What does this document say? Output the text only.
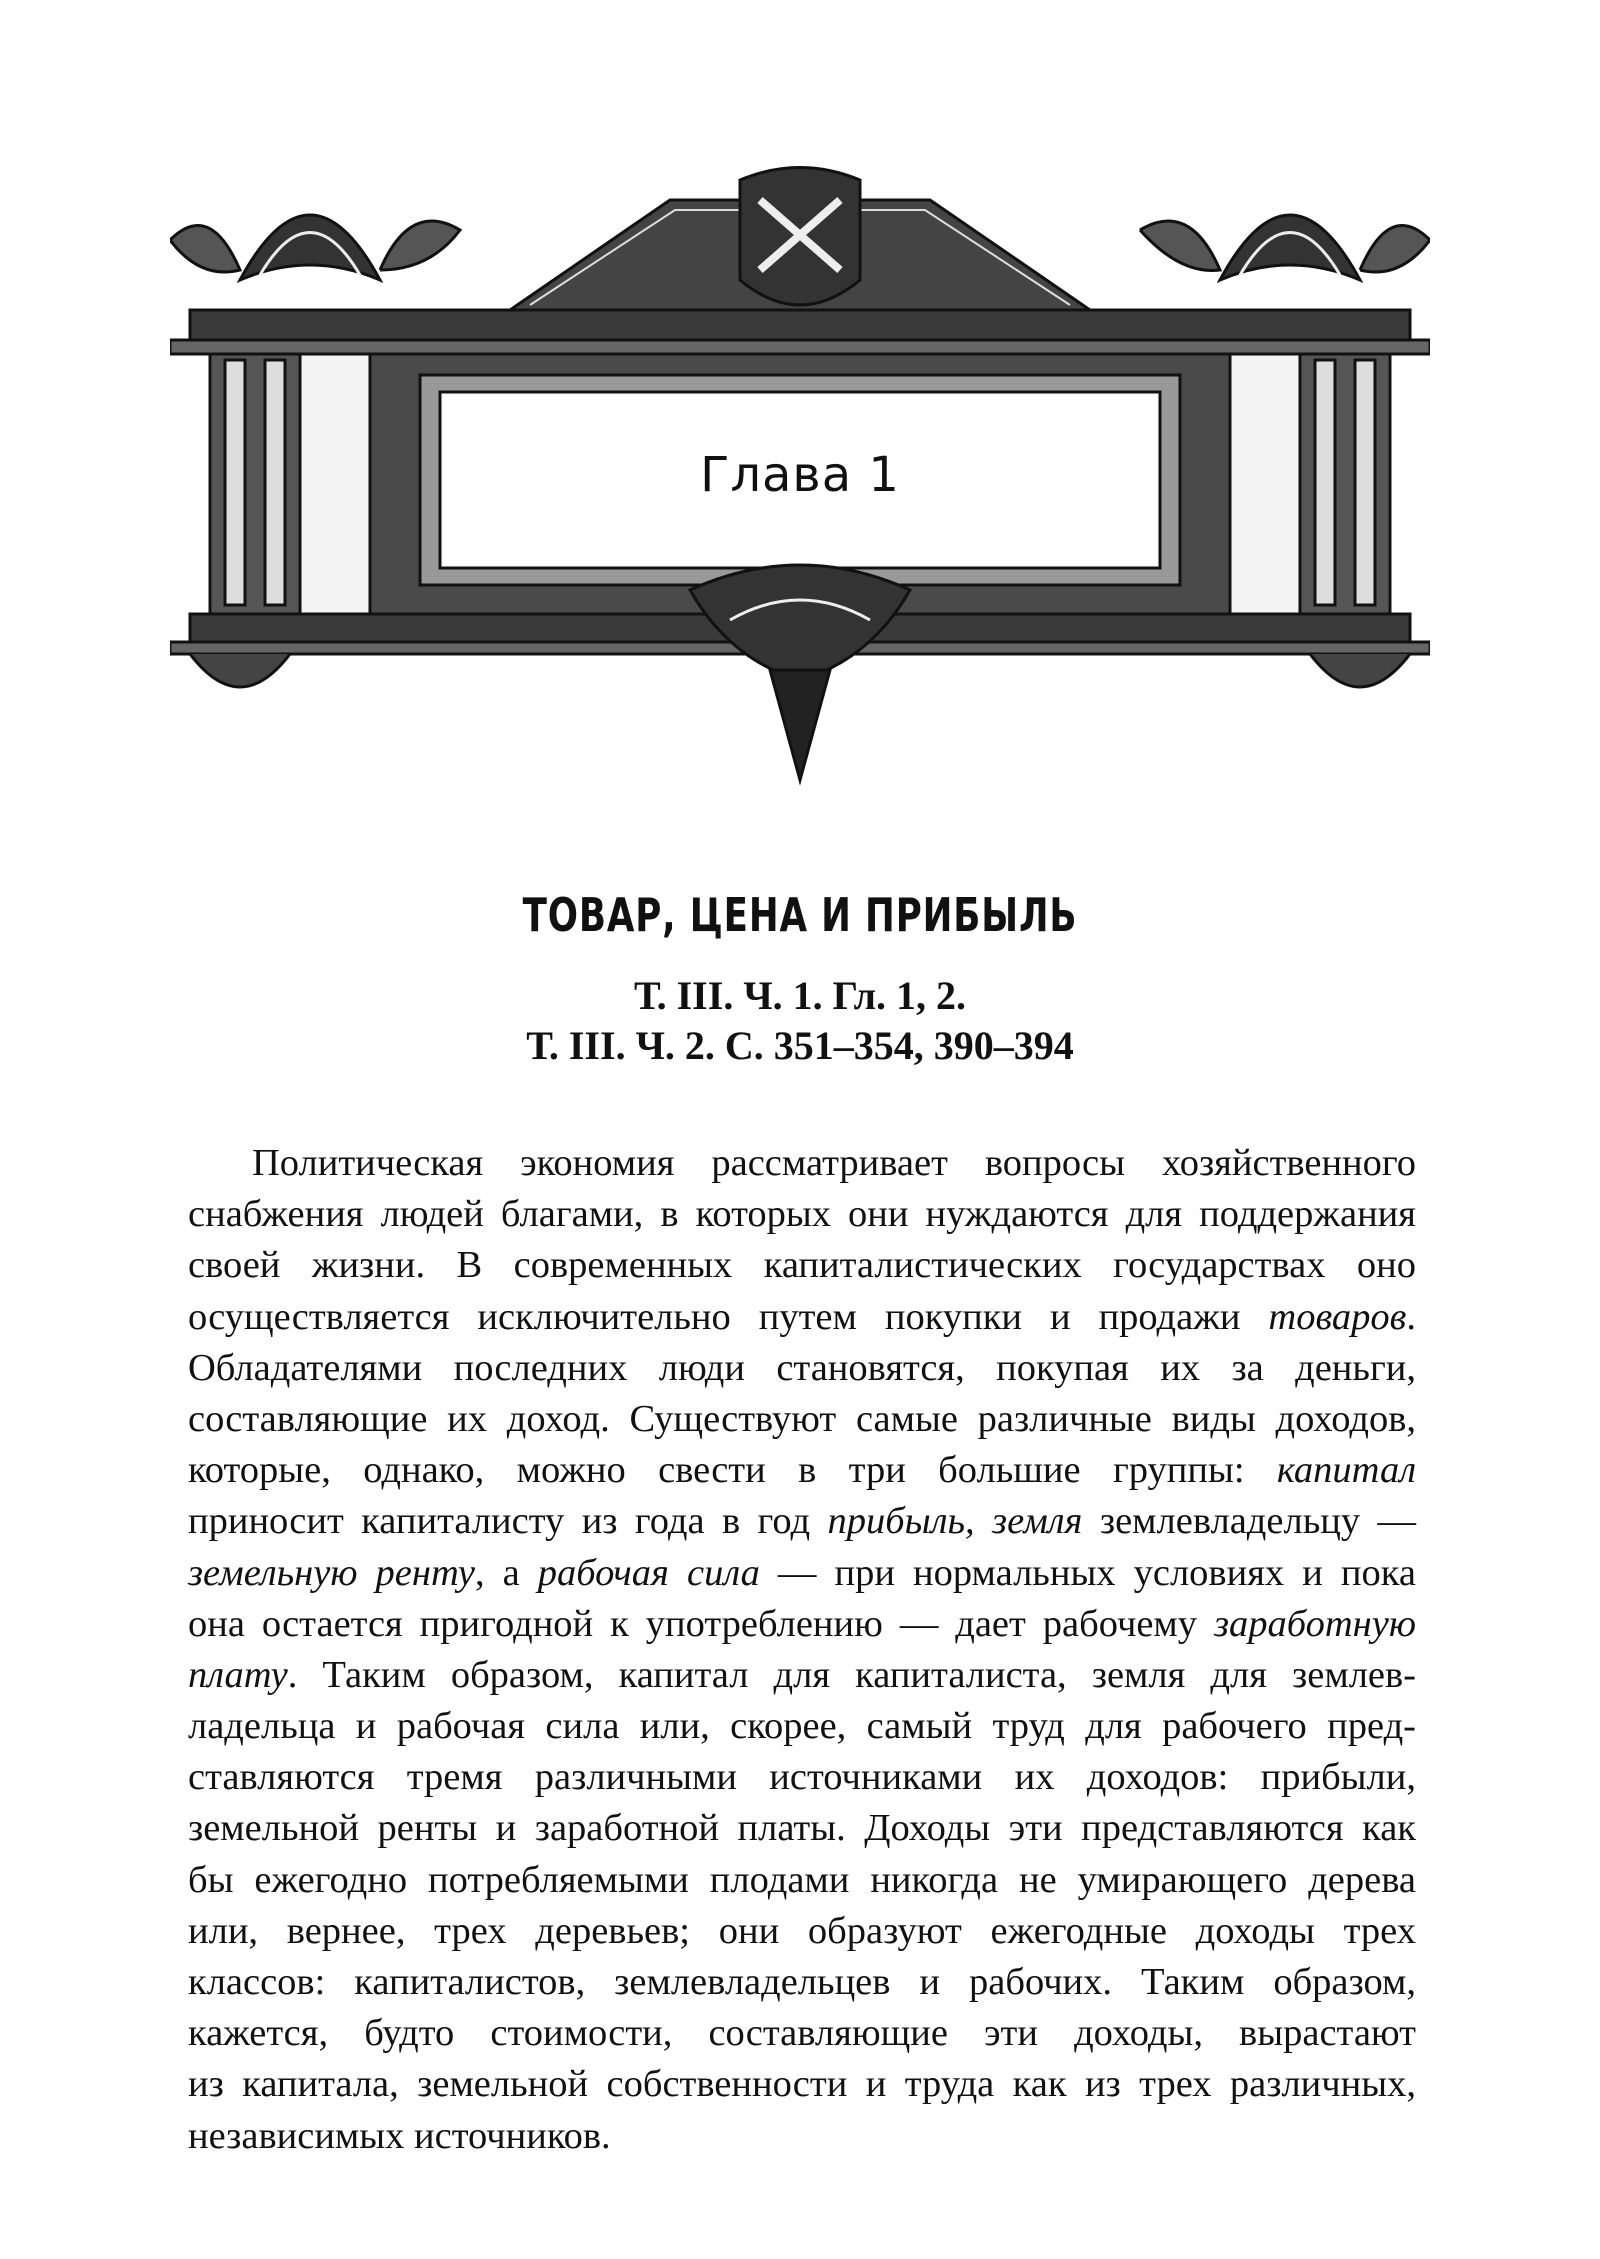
Глава 1
ТОВАР, ЦЕНА И ПРИБЫЛЬ
Т. III. Ч. 1. Гл. 1, 2.
Т. III. Ч. 2. С. 351–354, 390–394
Политическая экономия рассматривает вопросы хозяйственного
снабжения людей благами, в которых они нуждаются для поддержания
своей жизни. В современных капиталистических государствах оно
осуществляется исключительно путем покупки и продажи товаров.
Обладателями последних люди становятся, покупая их за деньги,
составляющие их доход. Существуют самые различные виды доходов,
которые, однако, можно свести в три большие группы: капитал
приносит капиталисту из года в год прибыль, земля землевладельцу —
земельную ренту, а рабочая сила — при нормальных условиях и пока
она остается пригодной к употреблению — дает рабочему заработную
плату. Таким образом, капитал для капиталиста, земля для землев-
ладельца и рабочая сила или, скорее, самый труд для рабочего пред-
ставляются тремя различными источниками их доходов: прибыли,
земельной ренты и заработной платы. Доходы эти представляются как
бы ежегодно потребляемыми плодами никогда не умирающего дерева
или, вернее, трех деревьев; они образуют ежегодные доходы трех
классов: капиталистов, землевладельцев и рабочих. Таким образом,
кажется, будто стоимости, составляющие эти доходы, вырастают
из капитала, земельной собственности и труда как из трех различных,
независимых источников.
